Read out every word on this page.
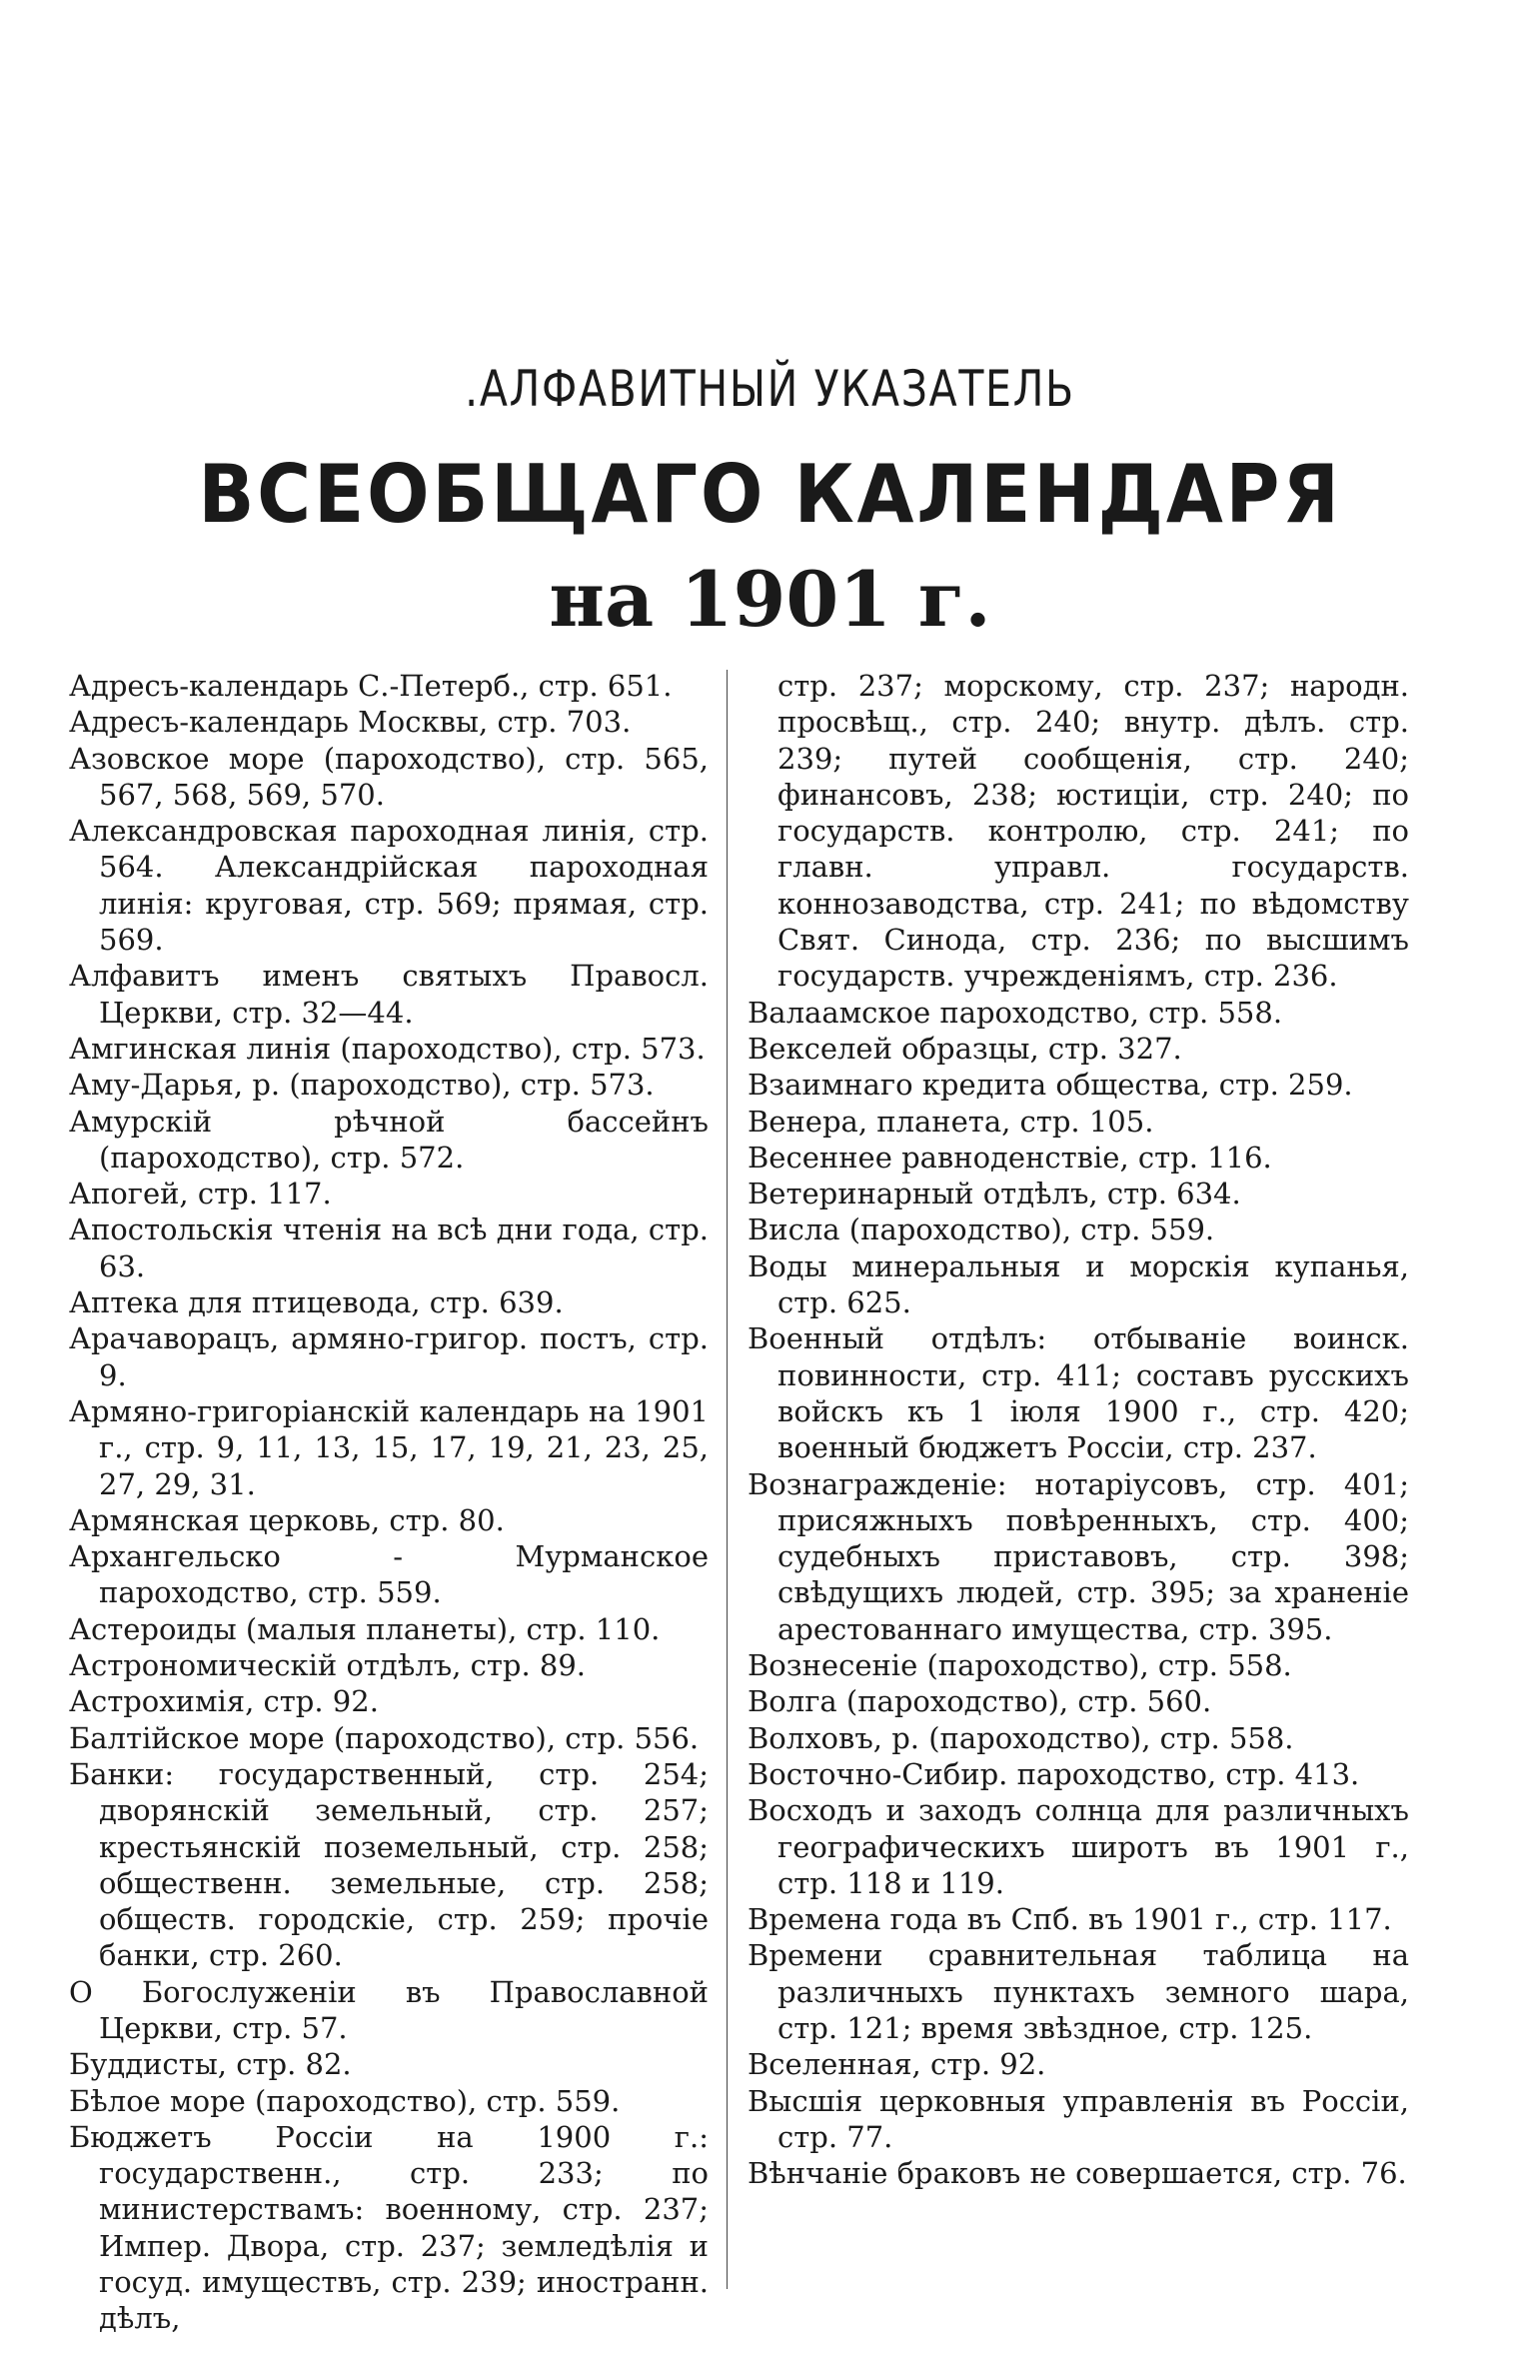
.АЛФАВИТНЫЙ УКАЗАТЕЛЬ
ВСЕОБЩАГО КАЛЕНДАРЯ
на 1901 г.

Адресъ-календарь С.-Петерб., стр. 651.

Адресъ-календарь Москвы, стр. 703.

Азовское море (пароходство), стр. 565, 567, 568, 569, 570.

Александровская пароходная линія, стр. 564. Александрійская пароходная линія: круговая, стр. 569; прямая, стр. 569.

Алфавитъ именъ святыхъ Правосл. Церкви, стр. 32—44.

Амгинская линія (пароходство), стр. 573.

Аму-Дарья, р. (пароходство), стр. 573.

Амурскій рѣчной бассейнъ (пароходство), стр. 572.

Апогей, стр. 117.

Апостольскія чтенія на всѣ дни года, стр. 63.

Аптека для птицевода, стр. 639.

Арачаворацъ, армяно-григор. постъ, стр. 9.

Армяно-григоріанскій календарь на 1901 г., стр. 9, 11, 13, 15, 17, 19, 21, 23, 25, 27, 29, 31.

Армянская церковь, стр. 80.

Архангельско - Мурманское пароходство, стр. 559.

Астероиды (малыя планеты), стр. 110.

Астрономическій отдѣлъ, стр. 89.

Астрохимія, стр. 92.

Балтійское море (пароходство), стр. 556.

Банки: государственный, стр. 254; дворянскій земельный, стр. 257; крестьянскій поземельный, стр. 258; общественн. земельные, стр. 258; обществ. городскіе, стр. 259; прочіе банки, стр. 260.

О Богослуженіи въ Православной Церкви, стр. 57.

Буддисты, стр. 82.

Бѣлое море (пароходство), стр. 559.

Бюджетъ Россіи на 1900 г.: государственн., стр. 233; по министерствамъ: военному, стр. 237; Импер. Двора, стр. 237; земледѣлія и госуд. имуществъ, стр. 239; иностранн. дѣлъ,

стр. 237; морскому, стр. 237; народн. просвѣщ., стр. 240; внутр. дѣлъ. стр. 239; путей сообщенія, стр. 240; финансовъ, 238; юстиціи, стр. 240; по государств. контролю, стр. 241; по главн. управл. государств. коннозаводства, стр. 241; по вѣдомству Свят. Синода, стр. 236; по высшимъ государств. учрежденіямъ, стр. 236.

Валаамское пароходство, стр. 558.

Векселей образцы, стр. 327.

Взаимнаго кредита общества, стр. 259.

Венера, планета, стр. 105.

Весеннее равноденствіе, стр. 116.

Ветеринарный отдѣлъ, стр. 634.

Висла (пароходство), стр. 559.

Воды минеральныя и морскія купанья, стр. 625.

Военный отдѣлъ: отбываніе воинск. повинности, стр. 411; составъ русскихъ войскъ къ 1 іюля 1900 г., стр. 420; военный бюджетъ Россіи, стр. 237.

Вознагражденіе: нотаріусовъ, стр. 401; присяжныхъ повѣренныхъ, стр. 400; судебныхъ приставовъ, стр. 398; свѣдущихъ людей, стр. 395; за храненіе арестованнаго имущества, стр. 395.

Вознесеніе (пароходство), стр. 558.

Волга (пароходство), стр. 560.

Волховъ, р. (пароходство), стр. 558.

Восточно-Сибир. пароходство, стр. 413.

Восходъ и заходъ солнца для различныхъ географическихъ широтъ въ 1901 г., стр. 118 и 119.

Времена года въ Спб. въ 1901 г., стр. 117.

Времени сравнительная таблица на различныхъ пунктахъ земного шара, стр. 121; время звѣздное, стр. 125.

Вселенная, стр. 92.

Высшія церковныя управленія въ Россіи, стр. 77.

Вѣнчаніе браковъ не совершается, стр. 76.
